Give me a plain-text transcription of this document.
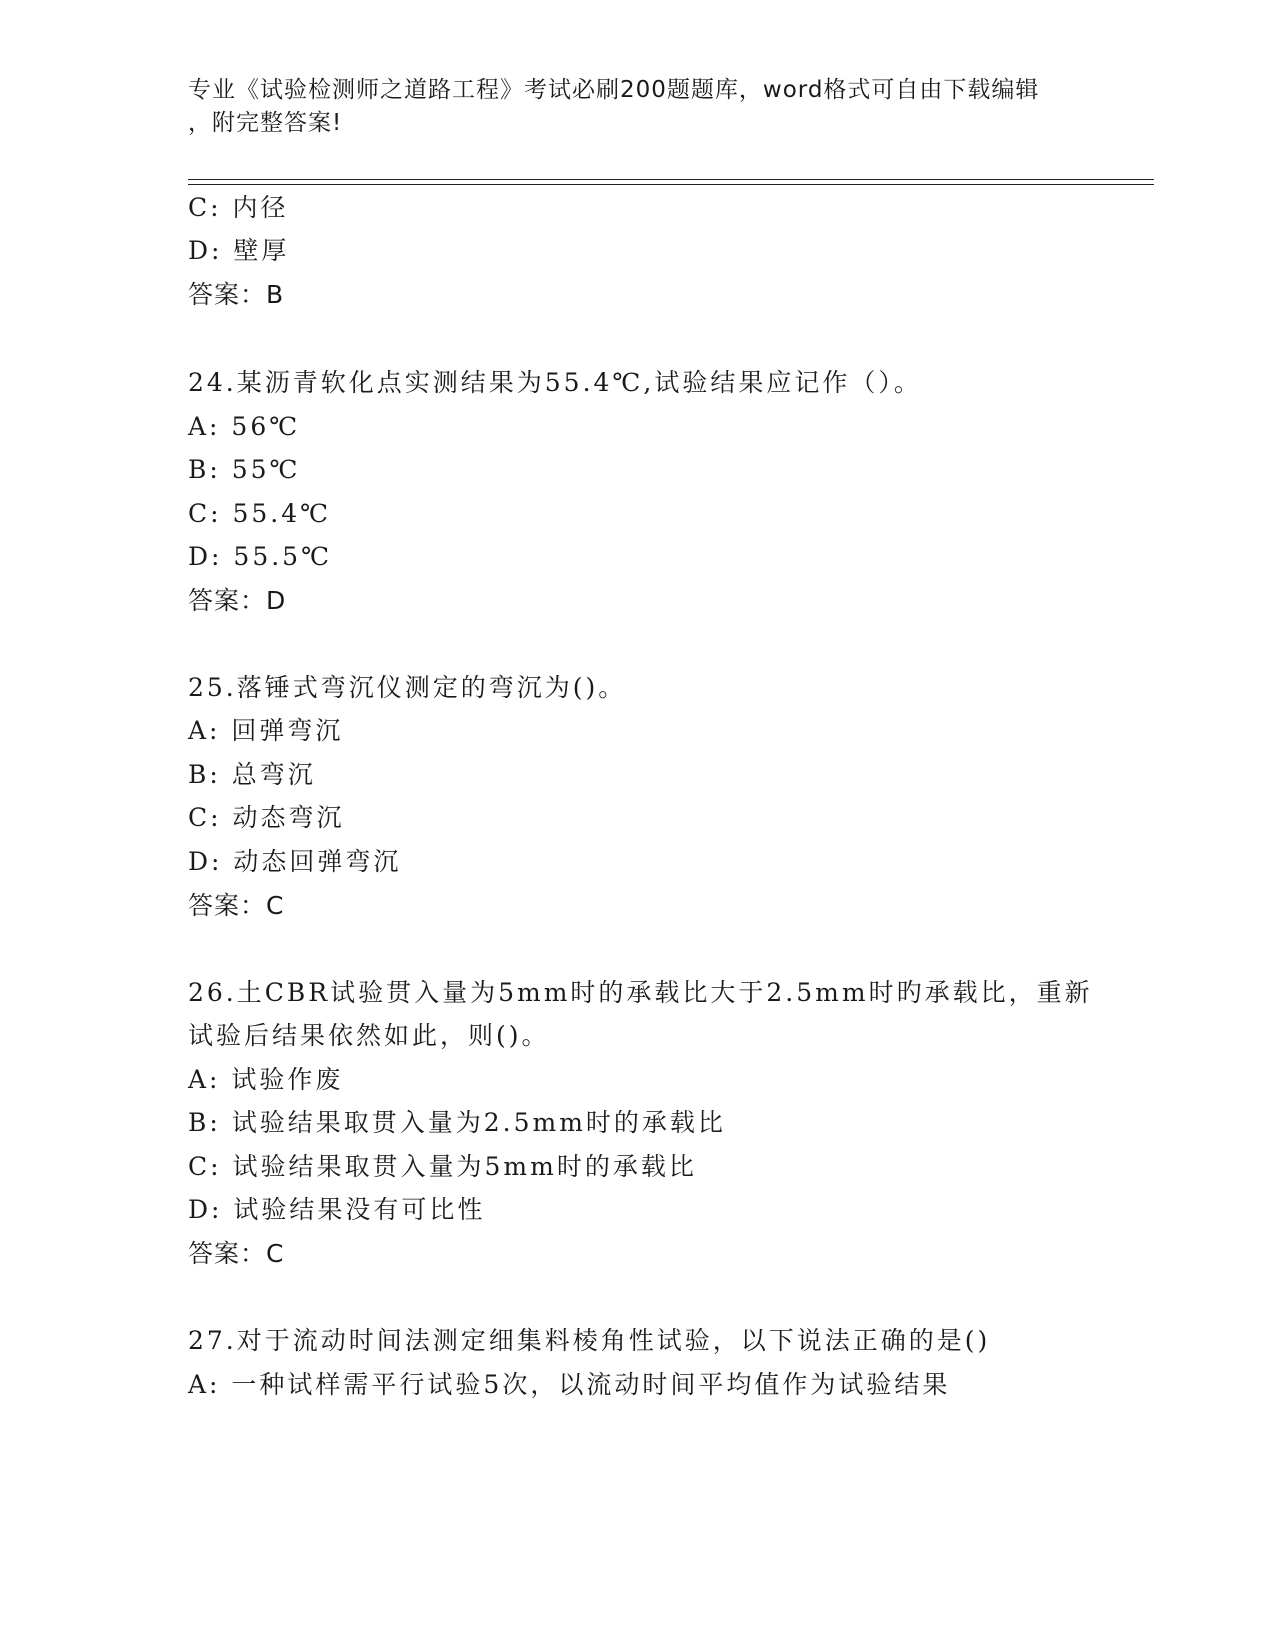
专业《试验检测师之道路工程》考试必刷200题题库，word格式可自由下载编辑
，附完整答案!
C: 内径
D: 壁厚
答案：B
24.某沥青软化点实测结果为55.4℃,试验结果应记作（）。
A: 56℃
B: 55℃
C: 55.4℃
D: 55.5℃
答案：D
25.落锤式弯沉仪测定的弯沉为()。
A: 回弹弯沉
B: 总弯沉
C: 动态弯沉
D: 动态回弹弯沉
答案：C
26.土CBR试验贯入量为5mm时的承载比大于2.5mm时旳承载比，重新
试验后结果依然如此，则()。
A: 试验作废
B: 试验结果取贯入量为2.5mm时的承载比
C: 试验结果取贯入量为5mm时的承载比
D: 试验结果没有可比性
答案：C
27.对于流动时间法测定细集料棱角性试验，以下说法正确的是()
A: 一种试样需平行试验5次，以流动时间平均值作为试验结果
